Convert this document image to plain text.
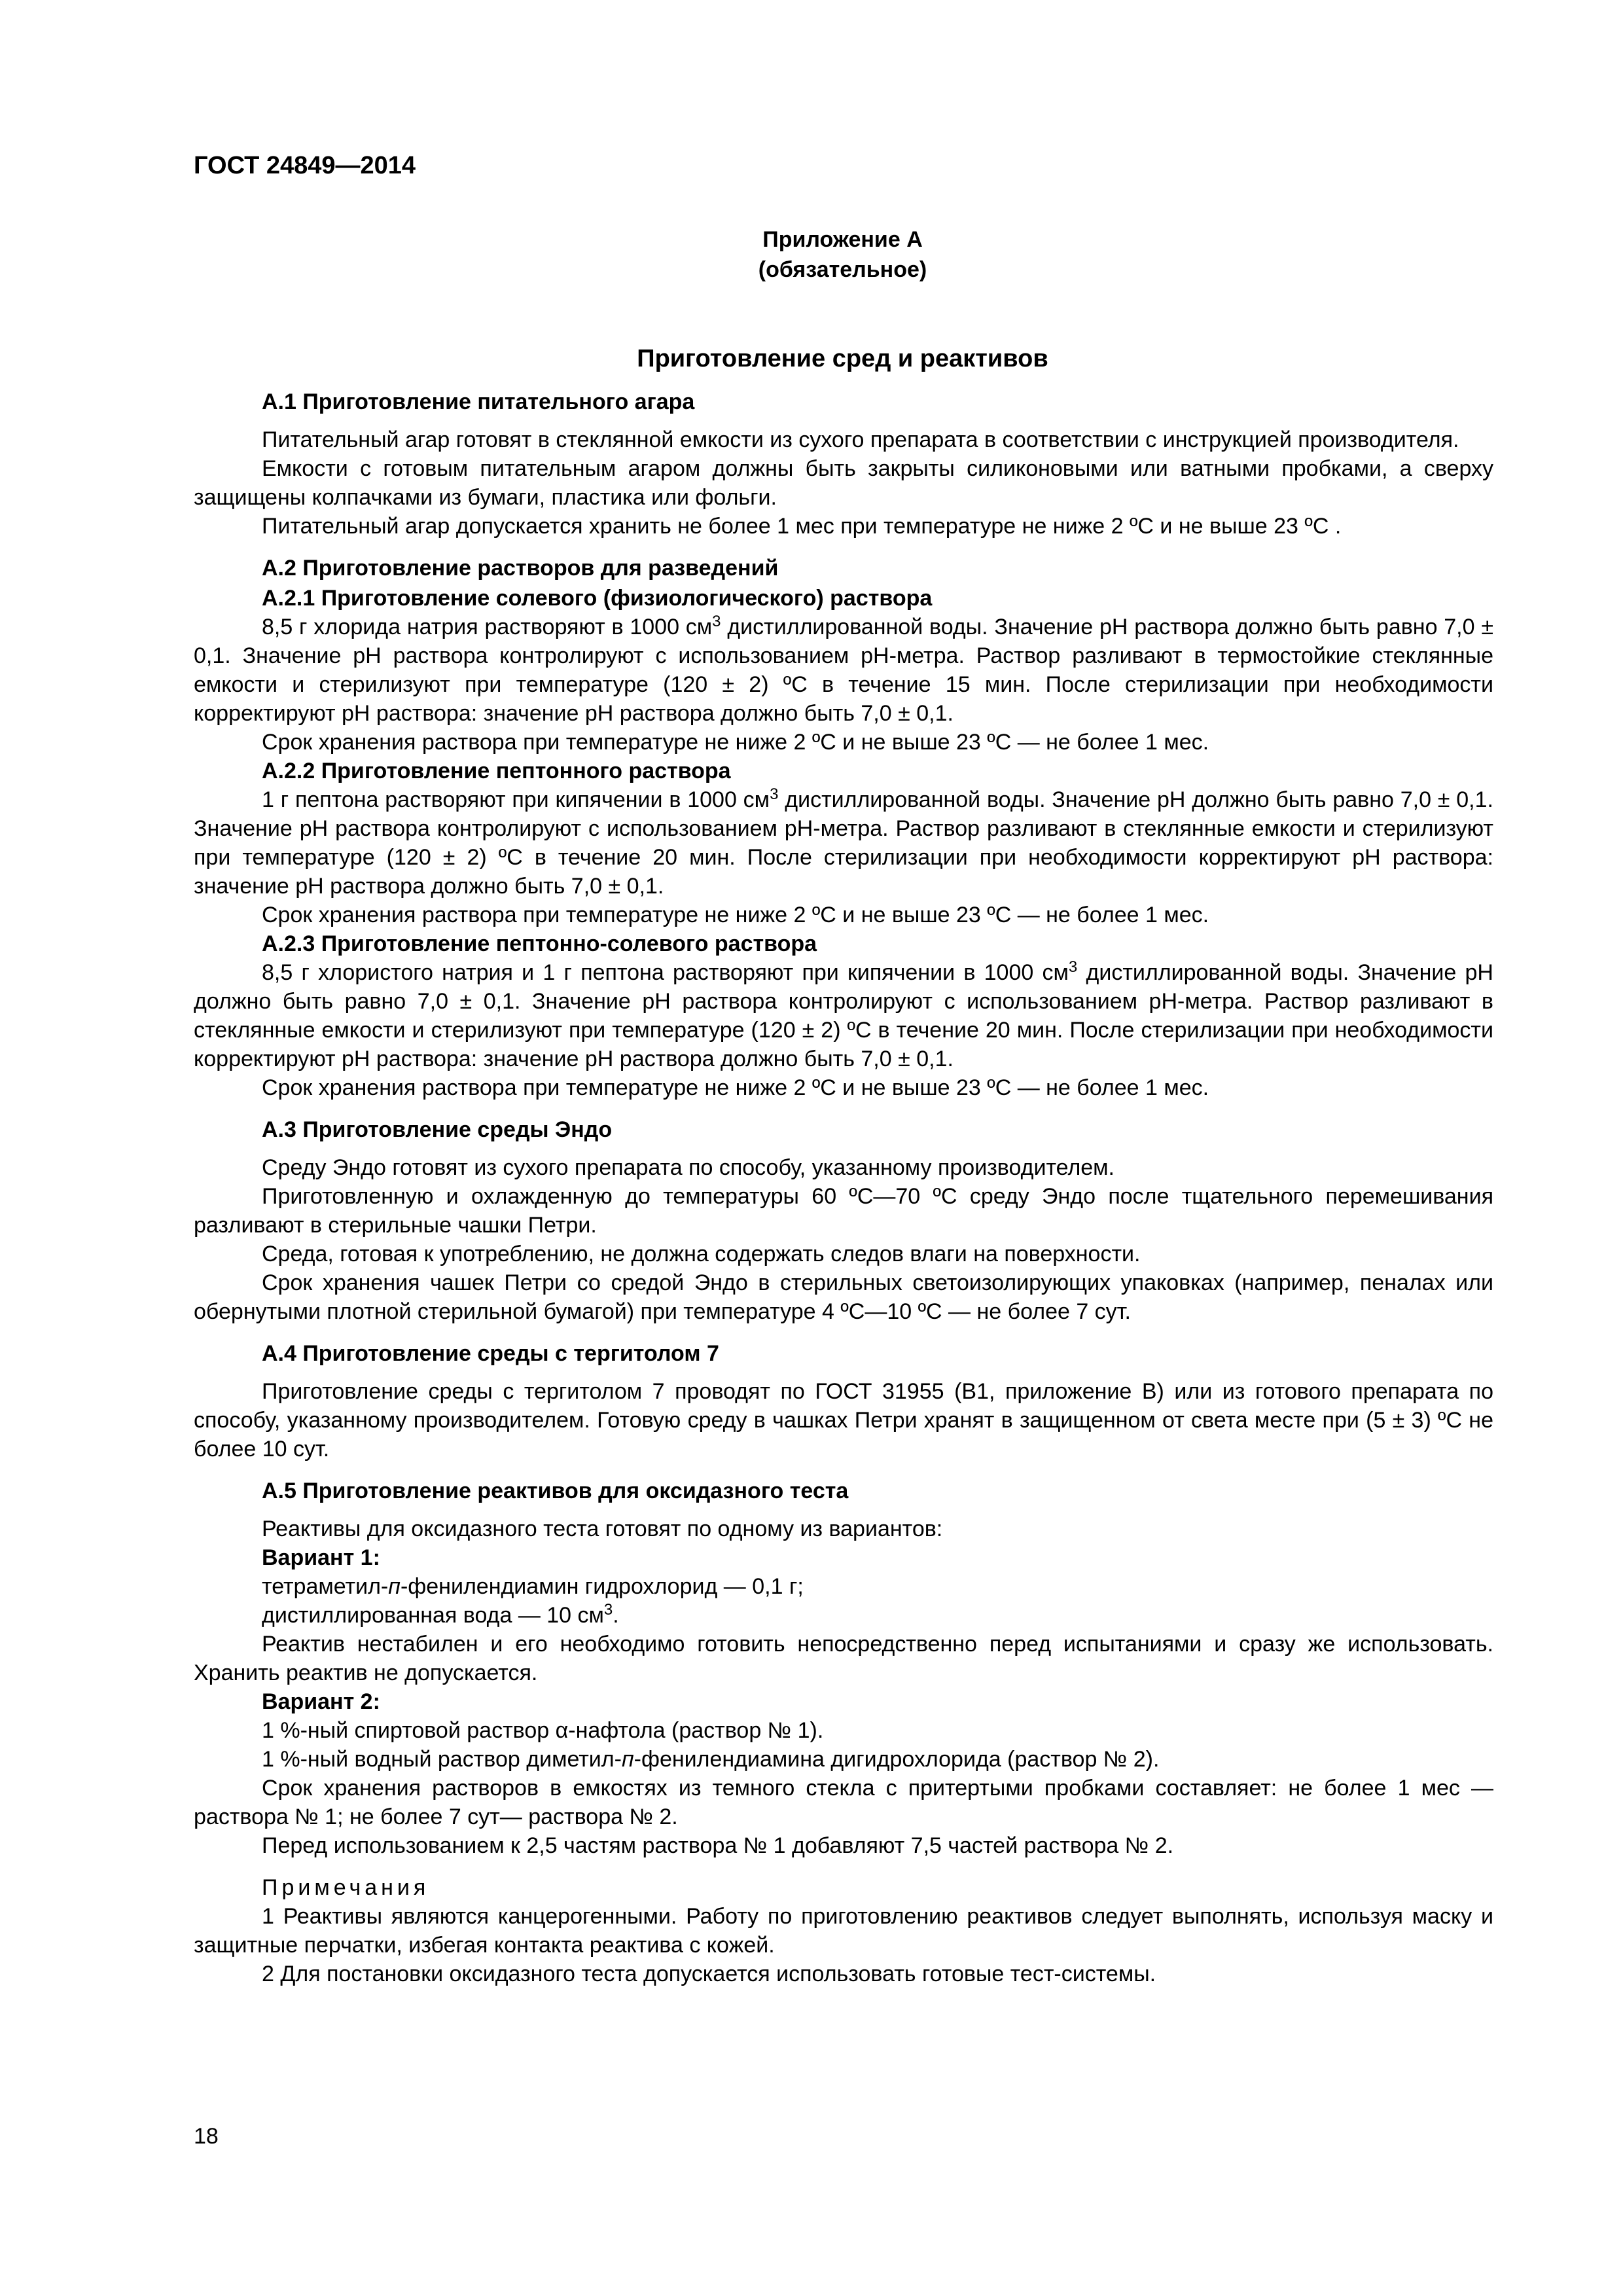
ГОСТ 24849—2014
Приложение А
(обязательное)
Приготовление сред и реактивов

А.1 Приготовление питательного агара

Питательный агар готовят в стеклянной емкости из сухого препарата в соответствии с инструкцией производителя.

Емкости с готовым питательным агаром должны быть закрыты силиконовыми или ватными пробками, а сверху защищены колпачками из бумаги, пластика или фольги.

Питательный агар допускается хранить не более 1 мес при температуре не ниже 2 ºС и не выше 23 ºС .

А.2 Приготовление растворов для разведений

А.2.1 Приготовление солевого (физиологического) раствора

8,5 г хлорида натрия растворяют в 1000 $см^3$ дистиллированной воды. Значение рН раствора должно быть равно 7,0 ± 0,1. Значение рН раствора контролируют с использованием рН-метра. Раствор разливают в термостойкие стеклянные емкости и стерилизуют при температуре (120 ± 2) ºС в течение 15 мин. После стерилизации при необходимости корректируют рН раствора: значение рН раствора должно быть 7,0 ± 0,1.

Срок хранения раствора при температуре не ниже 2 ºС и не выше 23 ºС — не более 1 мес.

А.2.2 Приготовление пептонного раствора

1 г пептона растворяют при кипячении в 1000 $см^3$ дистиллированной воды. Значение рН должно быть равно 7,0 ± 0,1. Значение рН раствора контролируют с использованием рН-метра. Раствор разливают в стеклянные емкости и стерилизуют при температуре (120 ± 2) ºС в течение 20 мин. После стерилизации при необходимости корректируют рН раствора: значение рН раствора должно быть 7,0 ± 0,1.

Срок хранения раствора при температуре не ниже 2 ºС и не выше 23 ºС — не более 1 мес.

А.2.3 Приготовление пептонно-солевого раствора

8,5 г хлористого натрия и 1 г пептона растворяют при кипячении в 1000 $см^3$ дистиллированной воды. Значение рН должно быть равно 7,0 ± 0,1. Значение рН раствора контролируют с использованием рН-метра. Раствор разливают в стеклянные емкости и стерилизуют при температуре (120 ± 2) ºС в течение 20 мин. После стерилизации при необходимости корректируют рН раствора: значение рН раствора должно быть 7,0 ± 0,1.

Срок хранения раствора при температуре не ниже 2 ºС и не выше 23 ºС — не более 1 мес.

А.3 Приготовление среды Эндо

Среду Эндо готовят из сухого препарата по способу, указанному производителем.

Приготовленную и охлажденную до температуры 60 ºС—70 ºС среду Эндо после тщательного перемешивания разливают в стерильные чашки Петри.

Среда, готовая к употреблению, не должна содержать следов влаги на поверхности.

Срок хранения чашек Петри со средой Эндо в стерильных светоизолирующих упаковках (например, пеналах или обернутыми плотной стерильной бумагой) при температуре 4 ºС—10 ºС — не более 7 сут.

А.4 Приготовление среды с тергитолом 7

Приготовление среды с тергитолом 7 проводят по ГОСТ 31955 (В1, приложение В) или из готового препарата по способу, указанному производителем. Готовую среду в чашках Петри хранят в защищенном от света месте при (5 ± 3) ºС не более 10 сут.

А.5 Приготовление реактивов для оксидазного теста

Реактивы для оксидазного теста готовят по одному из вариантов:

Вариант 1:

тетраметил-п-фенилендиамин гидрохлорид — 0,1 г;

дистиллированная вода — 10 $см^3$.

Реактив нестабилен и его необходимо готовить непосредственно перед испытаниями и сразу же использовать. Хранить реактив не допускается.

Вариант 2:

1 %-ный спиртовой раствор α-нафтола (раствор № 1).

1 %-ный водный раствор диметил-п-фенилендиамина дигидрохлорида (раствор № 2).

Срок хранения растворов в емкостях из темного стекла с притертыми пробками составляет: не более 1 мес — раствора № 1; не более 7 сут— раствора № 2.

Перед использованием к 2,5 частям раствора № 1 добавляют 7,5 частей раствора № 2.

Примечания

1 Реактивы являются канцерогенными. Работу по приготовлению реактивов следует выполнять, используя маску и защитные перчатки, избегая контакта реактива с кожей.

2 Для постановки оксидазного теста допускается использовать готовые тест-системы.

18
